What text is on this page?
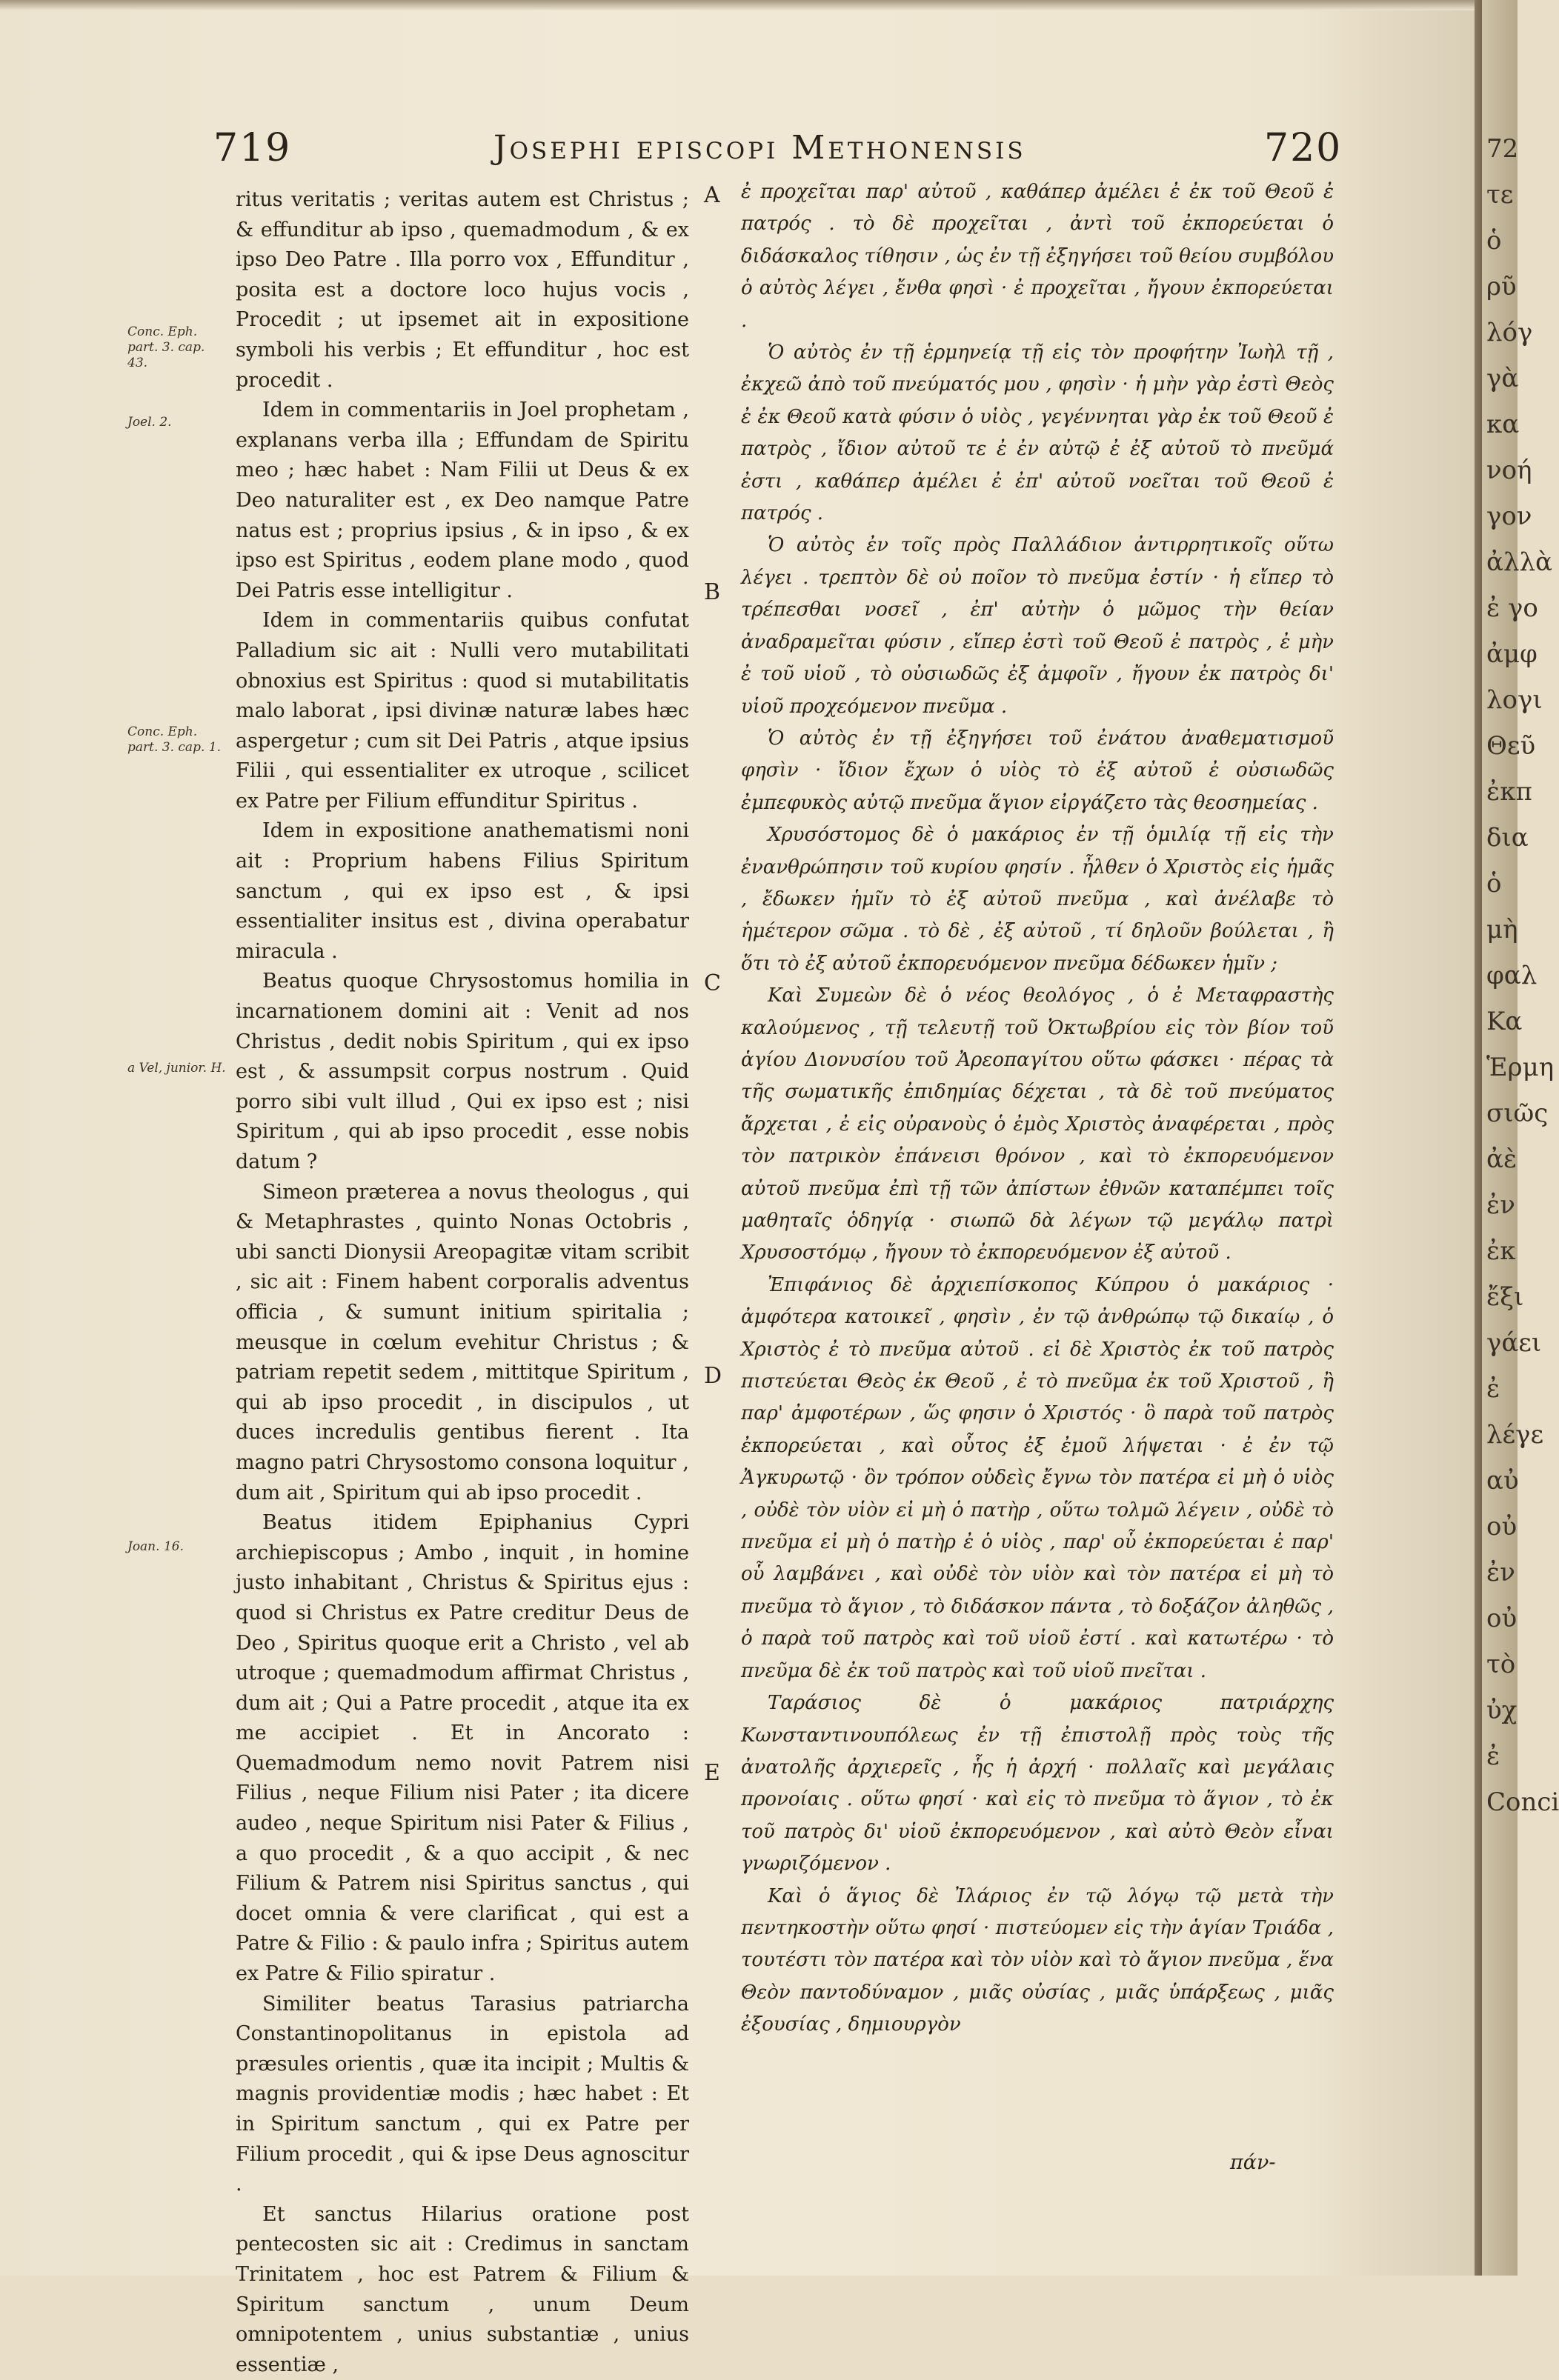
72
τε
ὁ
ρῦ
λόγ
γὰ
κα
νοή
γον
ἀλλὰ
ἐ γο
ἀμφ
λογι
Θεῦ
ἐκπ
δια
ὁ
μὴ
φαλ
Κα
Ἑρμη
σιῶς
ἀὲ
ἐν
ἐκ
ἔξι
γάει
ἐ
λέγε
αὐ
οὐ
ἐν
οὐ
τὸ
ὐχ
ἐ
Conci
719	Josephi episcopi Methonensis	720

ritus veritatis ; veritas autem est Christus ; & effunditur ab ipso , quemadmodum , & ex ipso Deo Patre . Illa porro vox , Effunditur , posita est a doctore loco hujus vocis , Procedit ; ut ipsemet ait in expositione symboli his verbis ; Et effunditur , hoc est procedit .

Idem in commentariis in Joel prophetam , explanans verba illa ; Effundam de Spiritu meo ; hæc habet : Nam Filii ut Deus & ex Deo naturaliter est , ex Deo namque Patre natus est ; proprius ipsius , & in ipso , & ex ipso est Spiritus , eodem plane modo , quod Dei Patris esse intelligitur .

Idem in commentariis quibus confutat Palladium sic ait : Nulli vero mutabilitati obnoxius est Spiritus : quod si mutabilitatis malo laborat , ipsi divinæ naturæ labes hæc aspergetur ; cum sit Dei Patris , atque ipsius Filii , qui essentialiter ex utroque , scilicet ex Patre per Filium effunditur Spiritus .

Idem in expositione anathematismi noni ait : Proprium habens Filius Spiritum sanctum , qui ex ipso est , & ipsi essentialiter insitus est , divina operabatur miracula .

Beatus quoque Chrysostomus homilia in incarnationem domini ait : Venit ad nos Christus , dedit nobis Spiritum , qui ex ipso est , & assumpsit corpus nostrum . Quid porro sibi vult illud , Qui ex ipso est ; nisi Spiritum , qui ab ipso procedit , esse nobis datum ?

Simeon præterea a novus theologus , qui & Metaphrastes , quinto Nonas Octobris , ubi sancti Dionysii Areopagitæ vitam scribit , sic ait : Finem habent corporalis adventus officia , & sumunt initium spiritalia ; meusque in cœlum evehitur Christus ; & patriam repetit sedem , mittitque Spiritum , qui ab ipso procedit , in discipulos , ut duces incredulis gentibus fierent . Ita magno patri Chrysostomo consona loquitur , dum ait , Spiritum qui ab ipso procedit .

Beatus itidem Epiphanius Cypri archiepiscopus ; Ambo , inquit , in homine justo inhabitant , Christus & Spiritus ejus : quod si Christus ex Patre creditur Deus de Deo , Spiritus quoque erit a Christo , vel ab utroque ; quemadmodum affirmat Christus , dum ait ; Qui a Patre procedit , atque ita ex me accipiet . Et in Ancorato : Quemadmodum nemo novit Patrem nisi Filius , neque Filium nisi Pater ; ita dicere audeo , neque Spiritum nisi Pater & Filius , a quo procedit , & a quo accipit , & nec Filium & Patrem nisi Spiritus sanctus , qui docet omnia & vere clarificat , qui est a Patre & Filio : & paulo infra ; Spiritus autem ex Patre & Filio spiratur .

Similiter beatus Tarasius patriarcha Constantinopolitanus in epistola ad præsules orientis , quæ ita incipit ; Multis & magnis providentiæ modis ; hæc habet : Et in Spiritum sanctum , qui ex Patre per Filium procedit , qui & ipse Deus agnoscitur .

Et sanctus Hilarius oratione post pentecosten sic ait : Credimus in sanctam Trinitatem , hoc est Patrem & Filium & Spiritum sanctum , unum Deum omnipotentem , unius substantiæ , unius essentiæ ,

Conc. Eph. part. 3. cap. 43.
Joel. 2.
Conc. Eph. part. 3. cap. 1.
a Vel, junior. H.
Joan. 16.
A
B
C
D
E

ἐ προχεῖται παρ' αὐτοῦ , καθάπερ ἀμέλει ἐ ἐκ τοῦ Θεοῦ ἐ πατρός . τὸ δὲ προχεῖται , ἀντὶ τοῦ ἐκπορεύεται ὁ διδάσκαλος τίθησιν , ὡς ἐν τῇ ἐξηγήσει τοῦ θείου συμβόλου ὁ αὐτὸς λέγει , ἔνθα φησὶ · ἐ προχεῖται , ἤγουν ἐκπορεύεται .

Ὁ αὐτὸς ἐν τῇ ἑρμηνείᾳ τῇ εἰς τὸν προφήτην Ἰωὴλ τῇ , ἐκχεῶ ἀπὸ τοῦ πνεύματός μου , φησὶν · ἡ μὴν γὰρ ἐστὶ Θεὸς ἐ ἐκ Θεοῦ κατὰ φύσιν ὁ υἱὸς , γεγέννηται γὰρ ἐκ τοῦ Θεοῦ ἐ πατρὸς , ἴδιον αὐτοῦ τε ἐ ἐν αὐτῷ ἐ ἐξ αὐτοῦ τὸ πνεῦμά ἐστι , καθάπερ ἀμέλει ἐ ἐπ' αὐτοῦ νοεῖται τοῦ Θεοῦ ἐ πατρός .

Ὁ αὐτὸς ἐν τοῖς πρὸς Παλλάδιον ἀντιρρητικοῖς οὕτω λέγει . τρεπτὸν δὲ οὐ ποῖον τὸ πνεῦμα ἐστίν · ἡ εἴπερ τὸ τρέπεσθαι νοσεῖ , ἐπ' αὐτὴν ὁ μῶμος τὴν θείαν ἀναδραμεῖται φύσιν , εἴπερ ἐστὶ τοῦ Θεοῦ ἐ πατρὸς , ἐ μὴν ἐ τοῦ υἱοῦ , τὸ οὐσιωδῶς ἐξ ἀμφοῖν , ἤγουν ἐκ πατρὸς δι' υἱοῦ προχεόμενον πνεῦμα .

Ὁ αὐτὸς ἐν τῇ ἐξηγήσει τοῦ ἐνάτου ἀναθεματισμοῦ φησὶν · ἴδιον ἔχων ὁ υἱὸς τὸ ἐξ αὐτοῦ ἐ οὐσιωδῶς ἐμπεφυκὸς αὐτῷ πνεῦμα ἅγιον εἰργάζετο τὰς θεοσημείας .

Χρυσόστομος δὲ ὁ μακάριος ἐν τῇ ὁμιλίᾳ τῇ εἰς τὴν ἐνανθρώπησιν τοῦ κυρίου φησίν . ἦλθεν ὁ Χριστὸς εἰς ἡμᾶς , ἔδωκεν ἡμῖν τὸ ἐξ αὐτοῦ πνεῦμα , καὶ ἀνέλαβε τὸ ἡμέτερον σῶμα . τὸ δὲ , ἐξ αὐτοῦ , τί δηλοῦν βούλεται , ἢ ὅτι τὸ ἐξ αὐτοῦ ἐκπορευόμενον πνεῦμα δέδωκεν ἡμῖν ;

Καὶ Συμεὼν δὲ ὁ νέος θεολόγος , ὁ ἐ Μεταφραστὴς καλούμενος , τῇ τελευτῇ τοῦ Ὀκτωβρίου εἰς τὸν βίον τοῦ ἁγίου Διονυσίου τοῦ Ἀρεοπαγίτου οὕτω φάσκει · πέρας τὰ τῆς σωματικῆς ἐπιδημίας δέχεται , τὰ δὲ τοῦ πνεύματος ἄρχεται , ἐ εἰς οὐρανοὺς ὁ ἐμὸς Χριστὸς ἀναφέρεται , πρὸς τὸν πατρικὸν ἐπάνεισι θρόνον , καὶ τὸ ἐκπορευόμενον αὐτοῦ πνεῦμα ἐπὶ τῇ τῶν ἀπίστων ἐθνῶν καταπέμπει τοῖς μαθηταῖς ὁδηγίᾳ · σιωπῶ δὰ λέγων τῷ μεγάλῳ πατρὶ Χρυσοστόμῳ , ἤγουν τὸ ἐκπορευόμενον ἐξ αὐτοῦ .

Ἐπιφάνιος δὲ ἀρχιεπίσκοπος Κύπρου ὁ μακάριος · ἀμφότερα κατοικεῖ , φησὶν , ἐν τῷ ἀνθρώπῳ τῷ δικαίῳ , ὁ Χριστὸς ἐ τὸ πνεῦμα αὐτοῦ . εἰ δὲ Χριστὸς ἐκ τοῦ πατρὸς πιστεύεται Θεὸς ἐκ Θεοῦ , ἐ τὸ πνεῦμα ἐκ τοῦ Χριστοῦ , ἢ παρ' ἀμφοτέρων , ὥς φησιν ὁ Χριστός · ὃ παρὰ τοῦ πατρὸς ἐκπορεύεται , καὶ οὗτος ἐξ ἐμοῦ λήψεται · ἐ ἐν τῷ Ἀγκυρωτῷ · ὃν τρόπον οὐδεὶς ἔγνω τὸν πατέρα εἰ μὴ ὁ υἱὸς , οὐδὲ τὸν υἱὸν εἰ μὴ ὁ πατὴρ , οὕτω τολμῶ λέγειν , οὐδὲ τὸ πνεῦμα εἰ μὴ ὁ πατὴρ ἐ ὁ υἱὸς , παρ' οὗ ἐκπορεύεται ἐ παρ' οὗ λαμβάνει , καὶ οὐδὲ τὸν υἱὸν καὶ τὸν πατέρα εἰ μὴ τὸ πνεῦμα τὸ ἅγιον , τὸ διδάσκον πάντα , τὸ δοξάζον ἀληθῶς , ὁ παρὰ τοῦ πατρὸς καὶ τοῦ υἱοῦ ἐστί . καὶ κατωτέρω · τὸ πνεῦμα δὲ ἐκ τοῦ πατρὸς καὶ τοῦ υἱοῦ πνεῖται .

Ταράσιος δὲ ὁ μακάριος πατριάρχης Κωνσταντινουπόλεως ἐν τῇ ἐπιστολῇ πρὸς τοὺς τῆς ἀνατολῆς ἀρχιερεῖς , ἧς ἡ ἀρχή · πολλαῖς καὶ μεγάλαις προνοίαις . οὕτω φησί · καὶ εἰς τὸ πνεῦμα τὸ ἅγιον , τὸ ἐκ τοῦ πατρὸς δι' υἱοῦ ἐκπορευόμενον , καὶ αὐτὸ Θεὸν εἶναι γνωριζόμενον .

Καὶ ὁ ἅγιος δὲ Ἰλάριος ἐν τῷ λόγῳ τῷ μετὰ τὴν πεντηκοστὴν οὕτω φησί · πιστεύομεν εἰς τὴν ἁγίαν Τριάδα , τουτέστι τὸν πατέρα καὶ τὸν υἱὸν καὶ τὸ ἅγιον πνεῦμα , ἕνα Θεὸν παντοδύναμον , μιᾶς οὐσίας , μιᾶς ὑπάρξεως , μιᾶς ἐξουσίας , δημιουργὸν

πάν-
